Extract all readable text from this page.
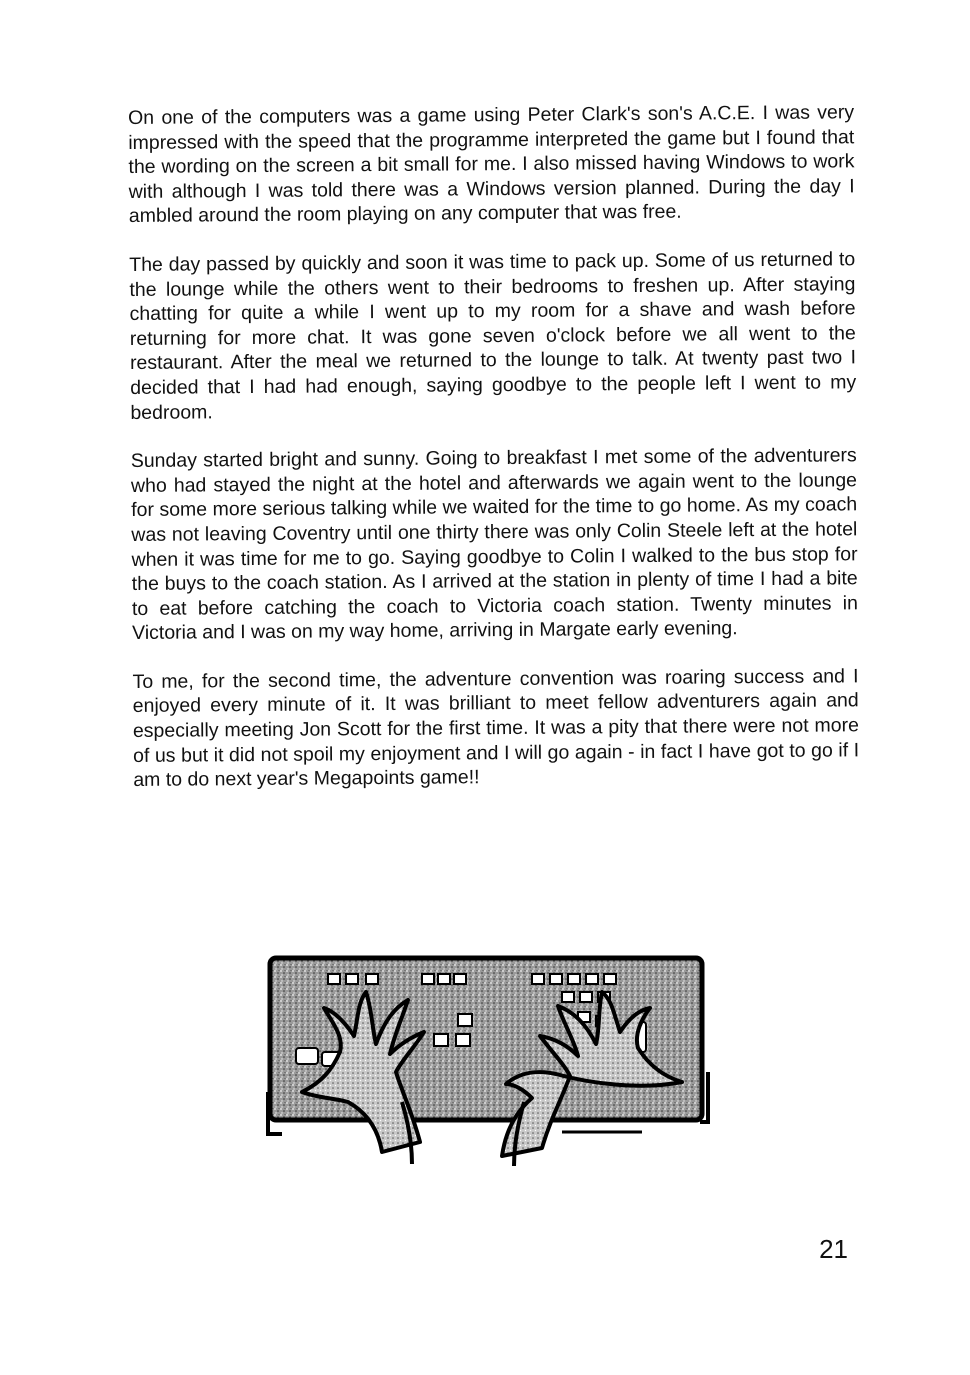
On one of the computers was a game using Peter Clark's son's A.C.E. I was very impressed with the speed that the programme interpreted the game but I found that the wording on the screen a bit small for me. I also missed having Windows to work with although I was told there was a Windows version planned. During the day I ambled around the room playing on any computer that was free.

The day passed by quickly and soon it was time to pack up. Some of us returned to the lounge while the others went to their bedrooms to freshen up. After staying chatting for quite a while I went up to my room for a shave and wash before returning for more chat. It was gone seven o'clock before we all went to the restaurant. After the meal we returned to the lounge to talk. At twenty past two I decided that I had had enough, saying goodbye to the people left I went to my bedroom.

Sunday started bright and sunny. Going to breakfast I met some of the adventurers who had stayed the night at the hotel and afterwards we again went to the lounge for some more serious talking while we waited for the time to go home. As my coach was not leaving Coventry until one thirty there was only Colin Steele left at the hotel when it was time for me to go. Saying goodbye to Colin I walked to the bus stop for the buys to the coach station. As I arrived at the station in plenty of time I had a bite to eat before catching the coach to Victoria coach station. Twenty minutes in Victoria and I was on my way home, arriving in Margate early evening.

To me, for the second time, the adventure convention was roaring success and I enjoyed every minute of it. It was brilliant to meet fellow adventurers again and especially meeting Jon Scott for the first time. It was a pity that there were not more of us but it did not spoil my enjoyment and I will go again - in fact I have got to go if I am to do next year's Megapoints game!!

21
